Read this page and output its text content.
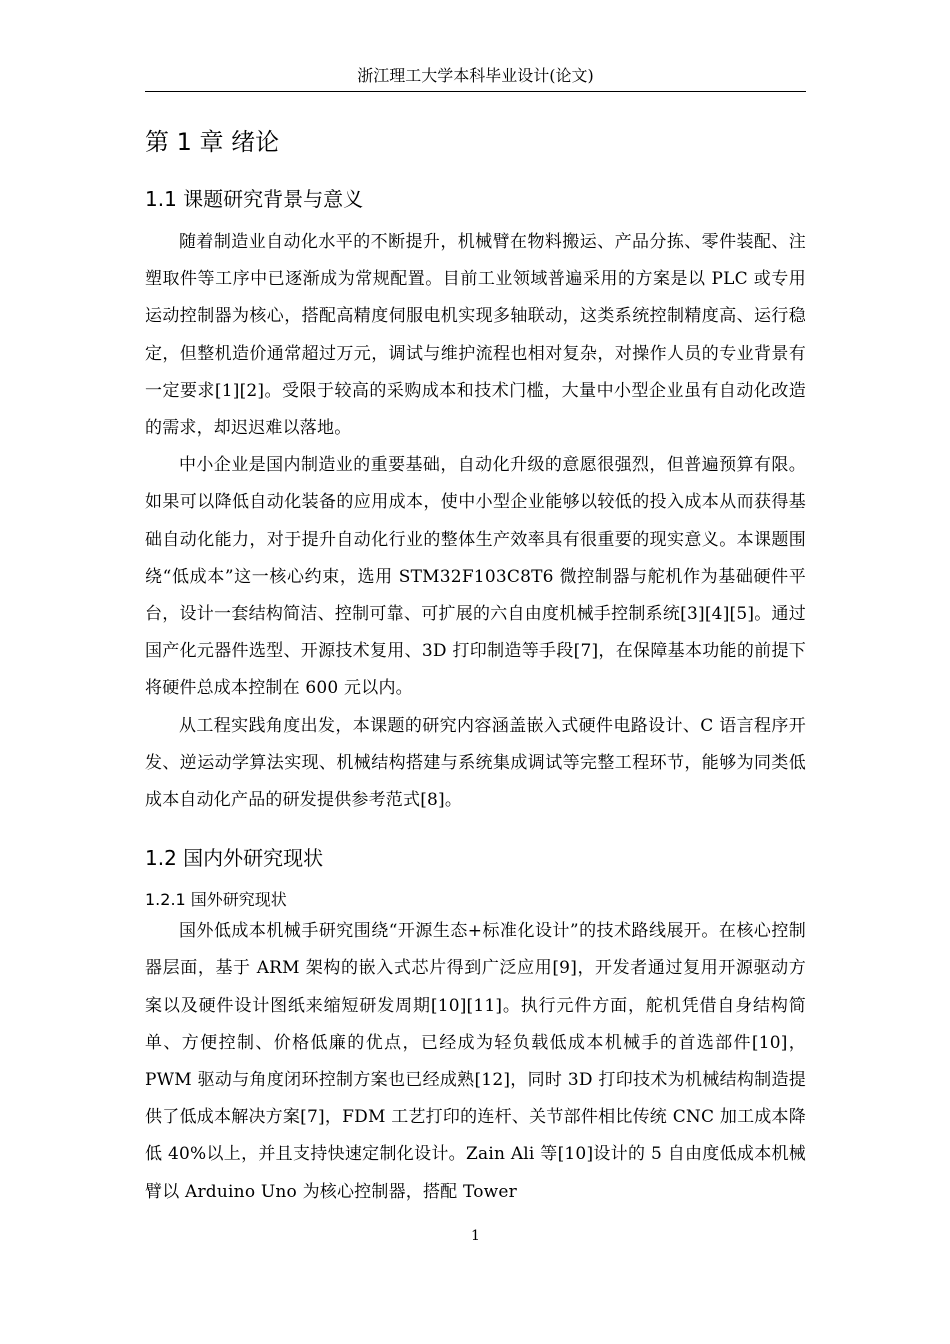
浙江理工大学本科毕业设计(论文)
第 1 章 绪论
1.1 课题研究背景与意义

随着制造业自动化水平的不断提升，机械臂在物料搬运、产品分拣、零件装配、注塑取件等工序中已逐渐成为常规配置。目前工业领域普遍采用的方案是以 PLC 或专用运动控制器为核心，搭配高精度伺服电机实现多轴联动，这类系统控制精度高、运行稳定，但整机造价通常超过万元，调试与维护流程也相对复杂，对操作人员的专业背景有一定要求[1][2]。受限于较高的采购成本和技术门槛，大量中小型企业虽有自动化改造的需求，却迟迟难以落地。

中小企业是国内制造业的重要基础，自动化升级的意愿很强烈，但普遍预算有限。如果可以降低自动化装备的应用成本，使中小型企业能够以较低的投入成本从而获得基础自动化能力，对于提升自动化行业的整体生产效率具有很重要的现实意义。本课题围绕“低成本”这一核心约束，选用 STM32F103C8T6 微控制器与舵机作为基础硬件平台，设计一套结构简洁、控制可靠、可扩展的六自由度机械手控制系统[3][4][5]。通过国产化元器件选型、开源技术复用、3D 打印制造等手段[7]，在保障基本功能的前提下将硬件总成本控制在 600 元以内。

从工程实践角度出发，本课题的研究内容涵盖嵌入式硬件电路设计、C 语言程序开发、逆运动学算法实现、机械结构搭建与系统集成调试等完整工程环节，能够为同类低成本自动化产品的研发提供参考范式[8]。

1.2 国内外研究现状
1.2.1 国外研究现状

国外低成本机械手研究围绕“开源生态+标准化设计”的技术路线展开。在核心控制器层面，基于 ARM 架构的嵌入式芯片得到广泛应用[9]，开发者通过复用开源驱动方案以及硬件设计图纸来缩短研发周期[10][11]。执行元件方面，舵机凭借自身结构简单、方便控制、价格低廉的优点，已经成为轻负载低成本机械手的首选部件[10]，PWM 驱动与角度闭环控制方案也已经成熟[12]，同时 3D 打印技术为机械结构制造提供了低成本解决方案[7]，FDM 工艺打印的连杆、关节部件相比传统 CNC 加工成本降低 40%以上，并且支持快速定制化设计。Zain Ali 等[10]设计的 5 自由度低成本机械臂以 Arduino Uno 为核心控制器，搭配 Tower

1
